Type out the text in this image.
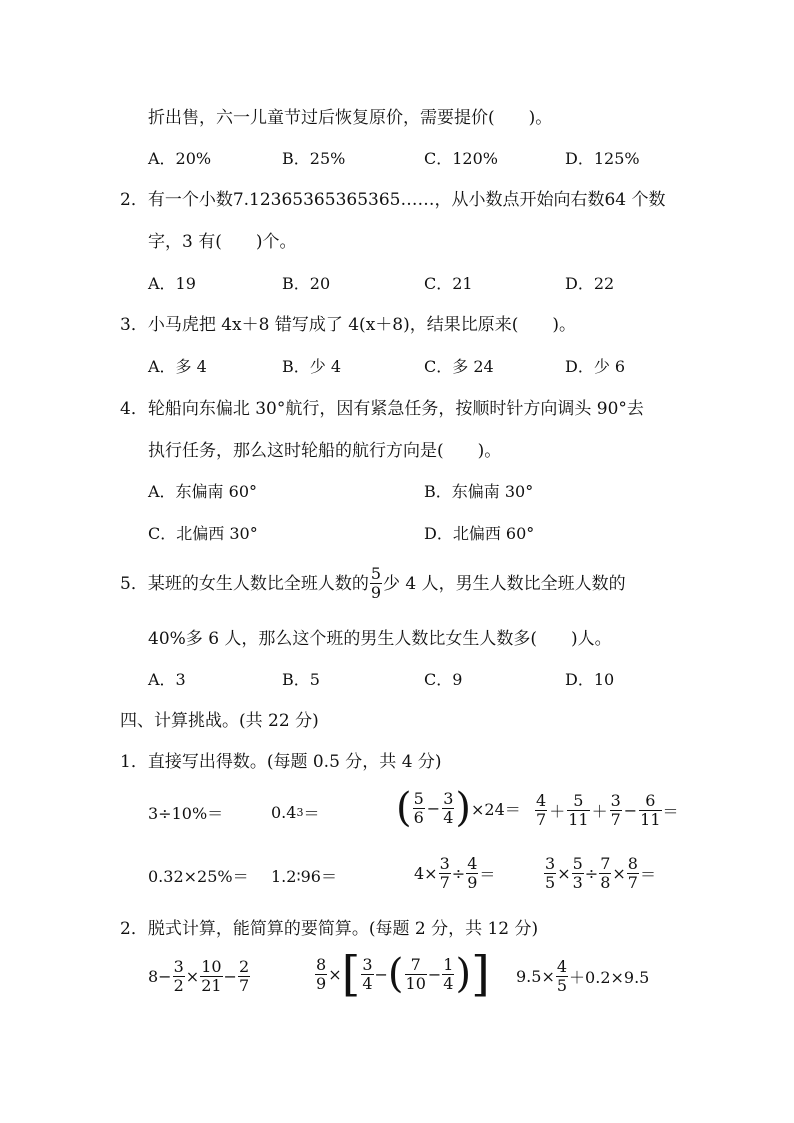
折出售，六一儿童节过后恢复原价，需要提价(　　)。
A．20%	B．25%	C．120%	D．125%
2．有一个小数7.12365365365365……，从小数点开始向右数64 个数
字，3 有(　　)个。
A．19	B．20	C．21	D．22
3．小马虎把 4x＋8 错写成了 4(x＋8)，结果比原来(　　)。
A．多 4	B．少 4	C．多 24	D．少 6
4．轮船向东偏北 30°航行，因有紧急任务，按顺时针方向调头 90°去
执行任务，那么这时轮船的航行方向是(　　)。
A．东偏南 60°	B．东偏南 30°
C．北偏西 30°	D．北偏西 60°
5．某班的女生人数比全班人数的 $\frac{5}{9}$ 少 4 人，男生人数比全班人数的
40%多 6 人，那么这个班的男生人数比女生人数多(　　)人。
A．3	B．5	C．9	D．10
四、计算挑战。(共 22 分)
1．直接写出得数。(每题 0.5 分，共 4 分)
3÷10%＝	0.4 3 ＝ ( $\frac{5}{6} - \frac{3}{4}$ ) $\times 24= \frac{4}{7} + \frac{5}{11} + \frac{3}{7} - \frac{6}{11}$ ＝
0.32×25%＝ 1.2∶96＝	$4\times \frac{3}{7} \div \frac{4}{9}$ ＝	$\frac{3}{5} \times \frac{5}{3} \div \frac{7}{8} \times \frac{8}{7}$ ＝
2．脱式计算，能简算的要简算。(每题 2 分，共 12 分)
$8- \frac{3}{2} \times \frac{10}{21} - \frac{2}{7}$	$\frac{8}{9}$ × [ $\frac{3}{4}$ − ( $\frac{7}{10} - \frac{1}{4}$ ) ] $9.5\times \frac{4}{5} +0.2\times 9.5$
